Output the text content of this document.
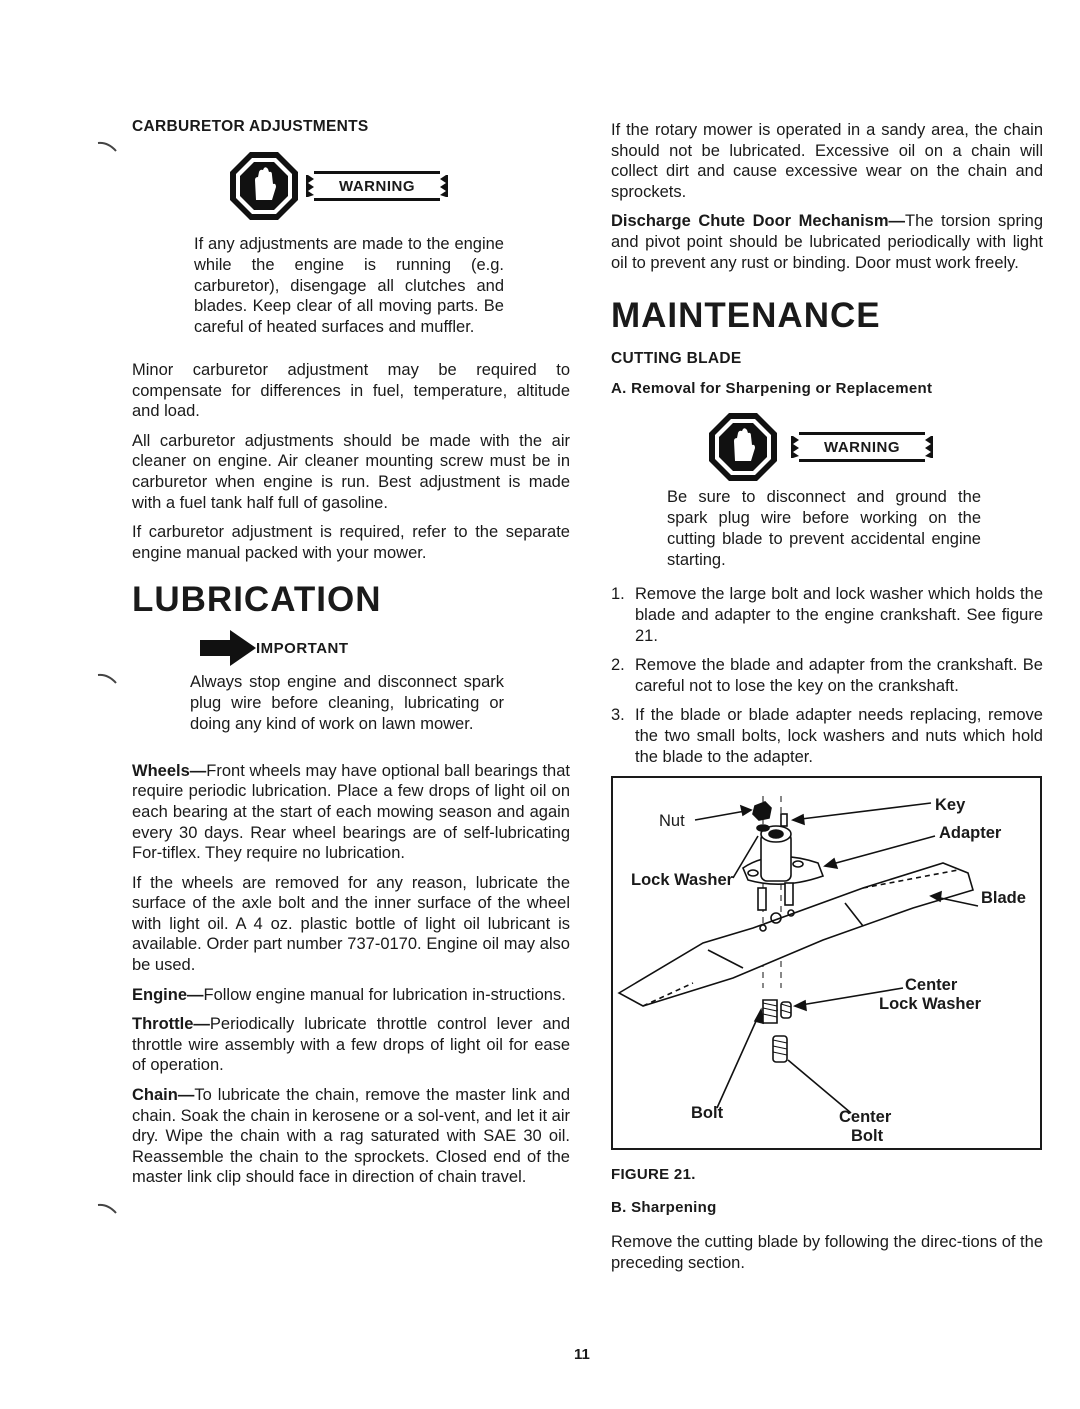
CARBURETOR ADJUSTMENTS

WARNING

If any adjustments are made to the engine while the engine is running (e.g. carburetor), disengage all clutches and blades. Keep clear of all moving parts. Be careful of heated surfaces and muffler.

Minor carburetor adjustment may be required to compensate for differences in fuel, temperature, altitude and load.

All carburetor adjustments should be made with the air cleaner on engine. Air cleaner mounting screw must be in carburetor when engine is run. Best adjustment is made with a fuel tank half full of gasoline.

If carburetor adjustment is required, refer to the separate engine manual packed with your mower.

LUBRICATION
IMPORTANT

Always stop engine and disconnect spark plug wire before cleaning, lubricating or doing any kind of work on lawn mower.

Wheels—Front wheels may have optional ball bearings that require periodic lubrication. Place a few drops of light oil on each bearing at the start of each mowing season and again every 30 days. Rear wheel bearings are of self-lubricating For-tiflex. They require no lubrication.

If the wheels are removed for any reason, lubricate the surface of the axle bolt and the inner surface of the wheel with light oil. A 4 oz. plastic bottle of light oil lubricant is available. Order part number 737-0170. Engine oil may also be used.

Engine—Follow engine manual for lubrication in-structions.

Throttle—Periodically lubricate throttle control lever and throttle wire assembly with a few drops of light oil for ease of operation.

Chain—To lubricate the chain, remove the master link and chain. Soak the chain in kerosene or a sol-vent, and let it air dry. Wipe the chain with a rag saturated with SAE 30 oil. Reassemble the chain to the sprockets. Closed end of the master link clip should face in direction of chain travel.

If the rotary mower is operated in a sandy area, the chain should not be lubricated. Excessive oil on a chain will collect dirt and cause excessive wear on the chain and sprockets.

Discharge Chute Door Mechanism—The torsion spring and pivot point should be lubricated periodically with light oil to prevent any rust or binding. Door must work freely.

MAINTENANCE

CUTTING BLADE

A. Removal for Sharpening or Replacement

WARNING

Be sure to disconnect and ground the spark plug wire before working on the cutting blade to prevent accidental engine starting.

1. Remove the large bolt and lock washer which holds the blade and adapter to the engine crankshaft. See figure 21.
2. Remove the blade and adapter from the crankshaft. Be careful not to lose the key on the crankshaft.
3. If the blade or blade adapter needs replacing, remove the two small bolts, lock washers and nuts which hold the blade to the adapter.
Key
Nut
Adapter
Lock Washer
Blade
Center
Lock Washer
Bolt	Center
Bolt

FIGURE 21.

B. Sharpening

Remove the cutting blade by following the direc-tions of the preceding section.

11
